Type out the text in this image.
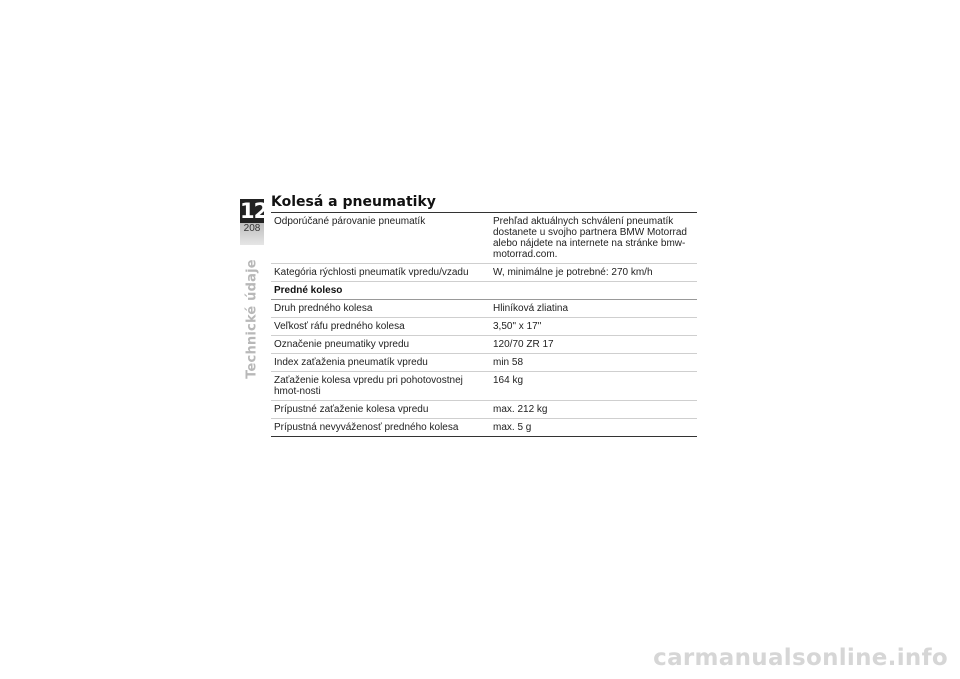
12
208
Technické údaje
Kolesá a pneumatiky
Odporúčané párovanie pneumatík	Prehľad aktuálnych schválení pneumatík dostanete u svojho partnera BMW Motorrad alebo nájdete na internete na stránke bmw-motorrad.com.
Kategória rýchlosti pneumatík vpredu/vzadu	W, minimálne je potrebné: 270 km/h
Predné koleso	
Druh predného kolesa	Hliníková zliatina
Veľkosť ráfu predného kolesa	3,50" x 17"
Označenie pneumatiky vpredu	120/70 ZR 17
Index zaťaženia pneumatík vpredu	min 58
Zaťaženie kolesa vpredu pri pohotovostnej hmot-nosti	164 kg
Prípustné zaťaženie kolesa vpredu	max. 212 kg
Prípustná nevyváženosť predného kolesa	max. 5 g
carmanualsonline.info
